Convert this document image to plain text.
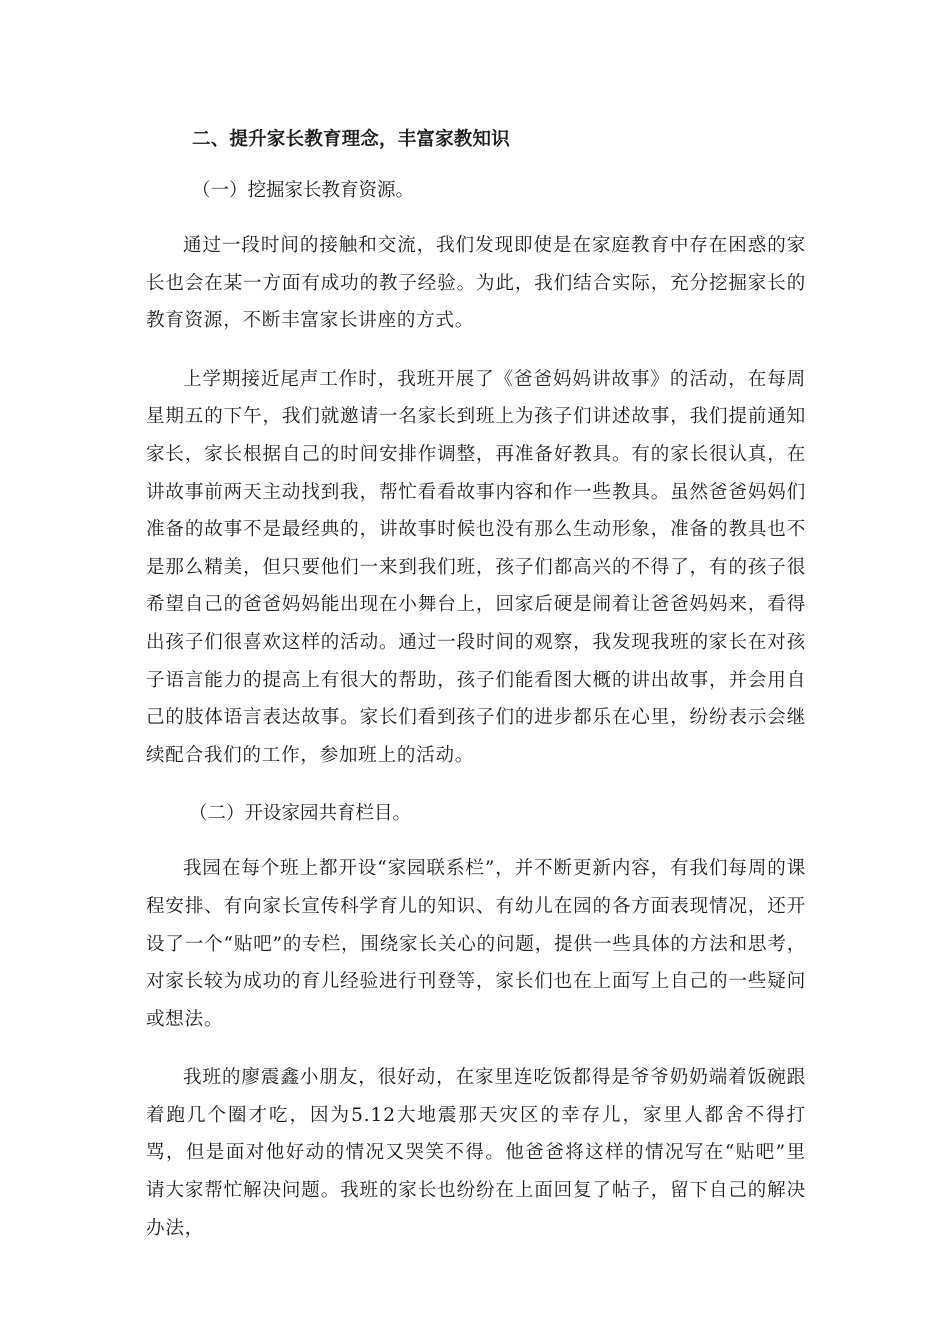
二、提升家长教育理念，丰富家教知识

（一）挖掘家长教育资源。

通过一段时间的接触和交流，我们发现即使是在家庭教育中存在困惑的家长也会在某一方面有成功的教子经验。为此，我们结合实际，充分挖掘家长的教育资源，不断丰富家长讲座的方式。

上学期接近尾声工作时，我班开展了《爸爸妈妈讲故事》的活动，在每周星期五的下午，我们就邀请一名家长到班上为孩子们讲述故事，我们提前通知家长，家长根据自己的时间安排作调整，再准备好教具。有的家长很认真，在讲故事前两天主动找到我，帮忙看看故事内容和作一些教具。虽然爸爸妈妈们准备的故事不是最经典的，讲故事时候也没有那么生动形象，准备的教具也不是那么精美，但只要他们一来到我们班，孩子们都高兴的不得了，有的孩子很希望自己的爸爸妈妈能出现在小舞台上，回家后硬是闹着让爸爸妈妈来，看得出孩子们很喜欢这样的活动。通过一段时间的观察，我发现我班的家长在对孩子语言能力的提高上有很大的帮助，孩子们能看图大概的讲出故事，并会用自己的肢体语言表达故事。家长们看到孩子们的进步都乐在心里，纷纷表示会继续配合我们的工作，参加班上的活动。

（二）开设家园共育栏目。

我园在每个班上都开设“家园联系栏”，并不断更新内容，有我们每周的课程安排、有向家长宣传科学育儿的知识、有幼儿在园的各方面表现情况，还开设了一个“贴吧”的专栏，围绕家长关心的问题，提供一些具体的方法和思考，对家长较为成功的育儿经验进行刊登等，家长们也在上面写上自己的一些疑问或想法。

我班的廖震鑫小朋友，很好动，在家里连吃饭都得是爷爷奶奶端着饭碗跟着跑几个圈才吃，因为5.12大地震那天灾区的幸存儿，家里人都舍不得打骂，但是面对他好动的情况又哭笑不得。他爸爸将这样的情况写在“贴吧”里请大家帮忙解决问题。我班的家长也纷纷在上面回复了帖子，留下自己的解决办法，
